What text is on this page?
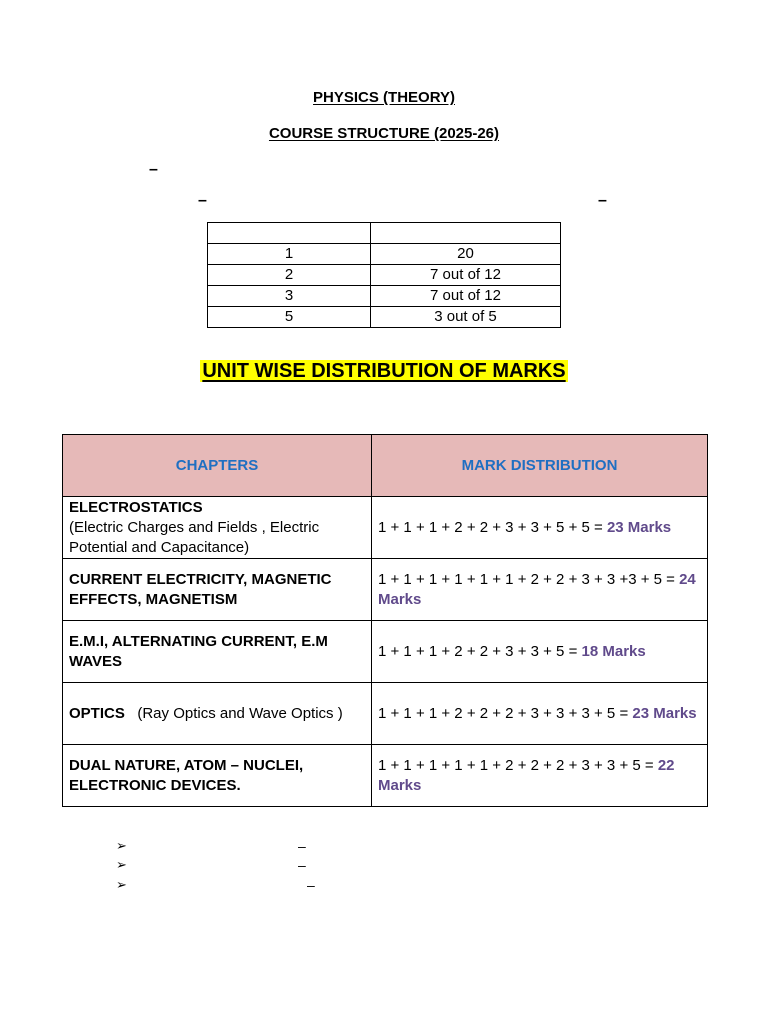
PHYSICS (THEORY)
COURSE STRUCTURE (2025-26)
–
–	–

1	20
2	7 out of 12
3	7 out of 12
5	3 out of 5
UNIT WISE DISTRIBUTION OF MARKS
CHAPTERS	MARK DISTRIBUTION
ELECTROSTATICS
(Electric Charges and Fields , Electric Potential and Capacitance)	1 + 1 + 1 + 2 + 2 + 3 + 3 + 5 + 5 = 23 Marks
CURRENT ELECTRICITY, MAGNETIC EFFECTS, MAGNETISM	1 + 1 + 1 + 1 + 1 + 1 + 2 + 2 + 3 + 3 +3 + 5 = 24 Marks
E.M.I, ALTERNATING CURRENT, E.M WAVES	1 + 1 + 1 + 2 + 2 + 3 + 3 + 5 = 18 Marks
OPTICS (Ray Optics and Wave Optics )	1 + 1 + 1 + 2 + 2 + 2 + 3 + 3 + 3 + 5 = 23 Marks
DUAL NATURE, ATOM – NUCLEI, ELECTRONIC DEVICES.	1 + 1 + 1 + 1 + 1 + 2 + 2 + 2 + 3 + 3 + 5 = 22 Marks
➢	–
➢	–
➢	–
